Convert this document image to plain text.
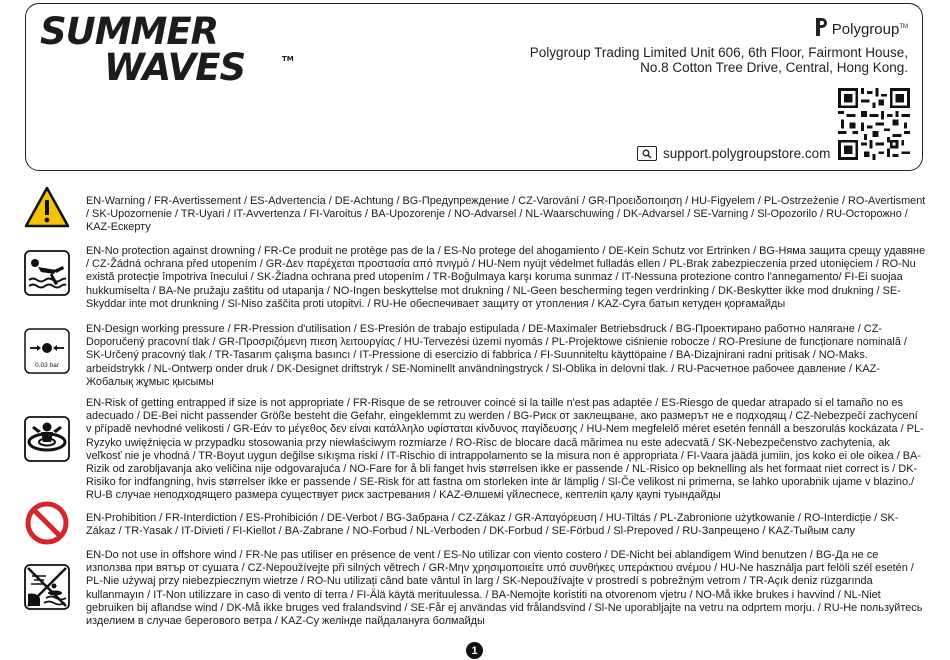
SUMMER
WAVES	TM
Polygroup™
Polygroup Trading Limited Unit 606, 6th Floor, Fairmont House,
No.8 Cotton Tree Drive, Central, Hong Kong.
support.polygroupstore.com
EN-Warning / FR-Avertissement / ES-Advertencia / DE-Achtung / BG-Предупреждение / CZ-Varování / GR-Προειδοποιηση / HU-Figyelem / PL-Ostrzeżenie / RO-Avertisment / SK-Upozornenie / TR-Uyari / IT-Avvertenza / FI-Varoitus / BA-Upozorenje / NO-Advarsel / NL-Waarschuwing / DK-Advarsel / SE-Varning / Sl-Opozorilo / RU-Осторожно / KAZ-Ескерту
EN-No protection against drowning / FR-Ce produit ne protège pas de la / ES-No protege del ahogamiento / DE-Kein Schutz vor Ertrinken / BG-Няма защита срещу удавяне / CZ-Žádná ochrana před utopením / GR-Δεν παρέχεται προστασία από πνιγμό / HU-Nem nyújt védelmet fulladás ellen / PL-Brak zabezpieczenia przed utonięciem / RO-Nu există protecție împotriva înecului / SK-Žiadna ochrana pred utopením / TR-Boğulmaya karşı koruma sunmaz / IT-Nessuna protezione contro l'annegamento/ FI-Ei suojaa hukkumiselta / BA-Ne pružaju zaštitu od utapanja / NO-Ingen beskyttelse mot drukning / NL-Geen bescherming tegen verdrinking / DK-Beskytter ikke mod drukning / SE-Skyddar inte mot drunkning / Sl-Niso zaščita proti utopitvi. / RU-Не обеспечивает защиту от утопления / KAZ-Суға батып кетуден қорғамайды
0.03 bar
EN-Design working pressure / FR-Pression d'utilisation / ES-Presión de trabajo estipulada / DE-Maximaler Betriebsdruck / BG-Проектирано работно налягане / CZ-Doporučený pracovní tlak / GR-Προσριζόμενη πιεση λειτουργίας / HU-Tervezési üzemi nyomás / PL-Projektowe ciśnienie robocze / RO-Presiune de funcționare nominală / SK-Určený pracovný tlak / TR-Tasarım çalışma basıncı / IT-Pressione di esercizio di fabbrica / FI-Suunniteltu käyttöpaine / BA-Dizajnirani radni pritisak / NO-Maks. arbeidstrykk / NL-Ontwerp onder druk / DK-Designet driftstryk / SE-Nominellt användningstryck / Sl-Oblika in delovni tlak. / RU-Расчетное рабочее давление / KAZ-Жобалық жұмыс қысымы
EN-Risk of getting entrapped if size is not appropriate / FR-Risque de se retrouver coincé si la taille n'est pas adaptée / ES-Riesgo de quedar atrapado si el tamaño no es adecuado / DE-Bei nicht passender Größe besteht die Gefahr, eingeklemmt zu werden / BG-Риск от заклещване, ако размерът не е подходящ / CZ-Nebezpečí zachycení v případě nevhodné velikosti / GR-Εάν το μέγεθος δεν είναι κατάλληλο υφίσταται κίνδυνος παγίδευσης / HU-Nem megfelelő méret esetén fennáll a beszorulás kockázata / PL-Ryzyko uwięźnięcia w przypadku stosowania przy niewłaściwym rozmiarze / RO-Risc de blocare dacă mărimea nu este adecvată / SK-Nebezpečenstvo zachytenia, ak veľkosť nie je vhodná / TR-Boyut uygun değilse sıkışma riski / IT-Rischio di intrappolamento se la misura non è appropriata / FI-Vaara jäädä jumiin, jos koko ei ole oikea / BA-Rizik od zarobljavanja ako veličina nije odgovarajuća / NO-Fare for å bli fanget hvis størrelsen ikke er passende / NL-Risico op beknelling als het formaat niet correct is / DK-Risiko for indfangning, hvis størrelser ikke er passende / SE-Risk för att fastna om storleken inte är lämplig / Sl-Če velikost ni primerna, se lahko uporabnik ujame v blazino./ RU-В случае неподходящего размера существует риск застревания / KAZ-Өлшемі үйлеспесе, кептеліп қалу қаупі туындайды
EN-Prohibition / FR-Interdiction / ES-Prohibición / DE-Verbot / BG-Забрана / CZ-Zákaz / GR-Απαγόρευση / HU-Tiltás / PL-Zabronione użytkowanie / RO-Interdicție / SK-Zákaz / TR-Yasak / IT-Divieti / FI-Kiellot / BA-Zabrane / NO-Forbud / NL-Verboden / DK-Forbud / SE-Förbud / Sl-Prepoved / RU-Запрещено / KAZ-Тыйым салу
EN-Do not use in offshore wind / FR-Ne pas utiliser en présence de vent / ES-No utilizar con viento costero / DE-Nicht bei ablandigem Wind benutzen / BG-Да не се използва при вятър от сушата / CZ-Nepoužívejte při silných větrech / GR-Μην χρησιμοποιείτε υπό συνθήκες υπεράκτιου ανέμου / HU-Ne használja part felöli szél esetén / PL-Nie używaj przy niebezpiecznym wietrze / RO-Nu utilizați când bate vântul în larg / SK-Nepoužívajte v prostredí s pobrežným vetrom / TR-Açık deniz rüzgarında kullanmayın / IT-Non utilizzare in caso di vento di terra / FI-Älä käytä merituulessa. / BA-Nemojte koristiti na otvorenom vjetru / NO-Må ikke brukes i havvind / NL-Niet gebruiken bij aflandse wind / DK-Må ikke bruges ved fralandsvind / SE-Får ej användas vid frålandsvind / Sl-Ne uporabljajte na vetru na odprtem morju. / RU-Не пользуйтесь изделием в случае берегового ветра / KAZ-Су желінде пайдалануға болмайды
1
